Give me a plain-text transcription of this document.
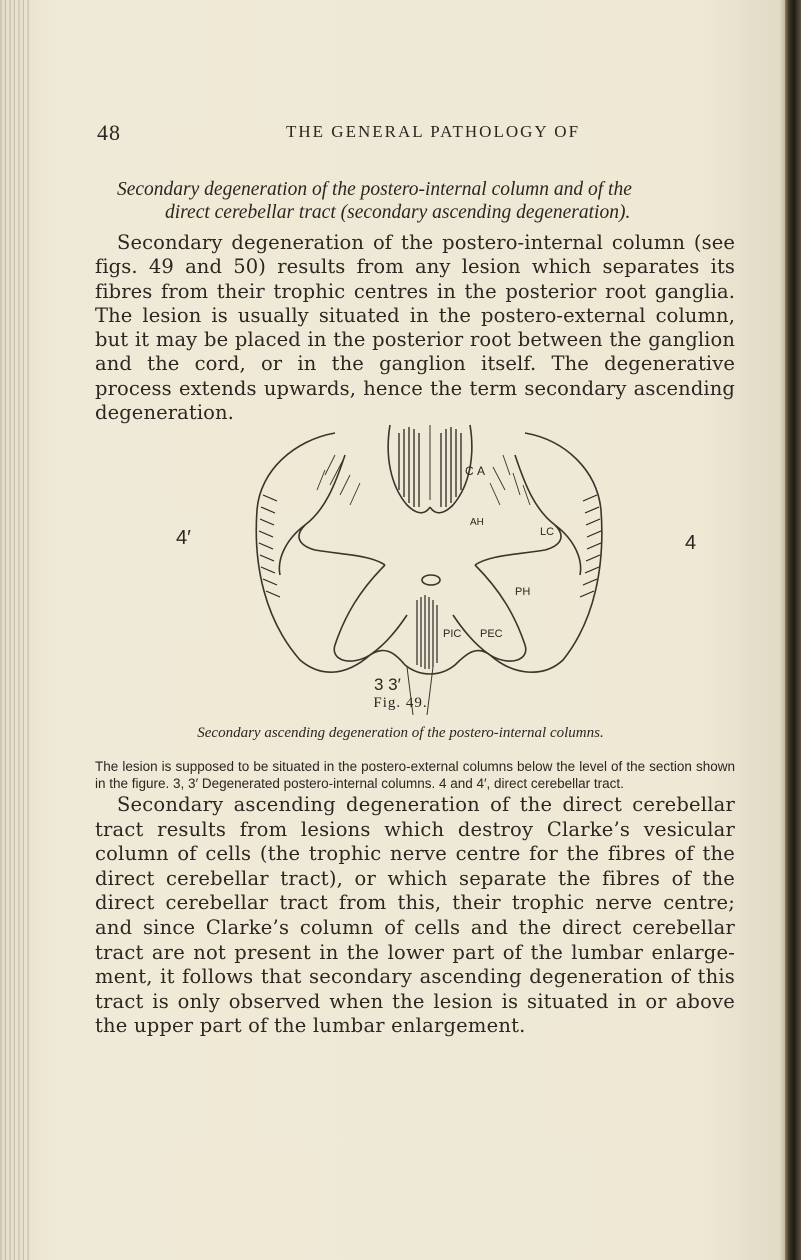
48	THE GENERAL PATHOLOGY OF
Secondary degeneration of the postero-internal column and of the
direct cerebellar tract (secondary ascending degeneration).
Secondary degeneration of the postero-internal column (see figs. 49 and 50) results from any lesion which separates its fibres from their trophic centres in the posterior root ganglia. The lesion is usually situated in the postero-external column, but it may be placed in the posterior root between the ganglion and the cord, or in the ganglion itself. The degenerative process extends upwards, hence the term secondary ascending degeneration.
C A
AH
LC
PH
PIC PEC
4′	4
3 3′
Fig. 49.
Secondary ascending degeneration of the postero-internal columns.
The lesion is supposed to be situated in the postero-external columns below the level of the section shown in the figure. 3, 3′ Degenerated postero-internal columns. 4 and 4′, direct cerebellar tract.
Secondary ascending degeneration of the direct cerebellar tract results from lesions which destroy Clarke’s vesicular column of cells (the trophic nerve centre for the fibres of the direct cerebellar tract), or which separate the fibres of the direct cerebellar tract from this, their trophic nerve centre; and since Clarke’s column of cells and the direct cerebellar tract are not present in the lower part of the lumbar enlarge-ment, it follows that secondary ascending degeneration of this tract is only observed when the lesion is situated in or above the upper part of the lumbar enlargement.
